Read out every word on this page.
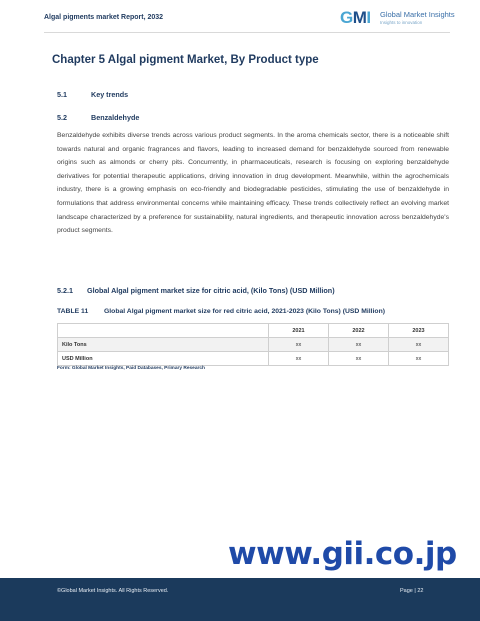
Algal pigments market Report, 2032	GMI Global Market Insights
Insights to innovation
Chapter 5 Algal pigment Market, By Product type
5.1	Key trends
5.2	Benzaldehyde
Benzaldehyde exhibits diverse trends across various product segments. In the aroma chemicals sector, there is a noticeable shift towards natural and organic fragrances and flavors, leading to increased demand for benzaldehyde sourced from renewable origins such as almonds or cherry pits. Concurrently, in pharmaceuticals, research is focusing on exploring benzaldehyde derivatives for potential therapeutic applications, driving innovation in drug development. Meanwhile, within the agrochemicals industry, there is a growing emphasis on eco-friendly and biodegradable pesticides, stimulating the use of benzaldehyde in formulations that address environmental concerns while maintaining efficacy. These trends collectively reflect an evolving market landscape characterized by a preference for sustainability, natural ingredients, and therapeutic innovation across benzaldehyde's product segments.
5.2.1 Global Algal pigment market size for citric acid, (Kilo Tons) (USD Million)
TABLE 11 Global Algal pigment market size for red citric acid, 2021-2023 (Kilo Tons) (USD Million)
	2021	2022	2023
Kilo Tons	xx	xx	xx
USD Million	xx	xx	xx
Form: Global Market Insights, Paid Databases, Primary Research
www.gii.co.jp
©Global Market Insights. All Rights Reserved.	Page | 22
